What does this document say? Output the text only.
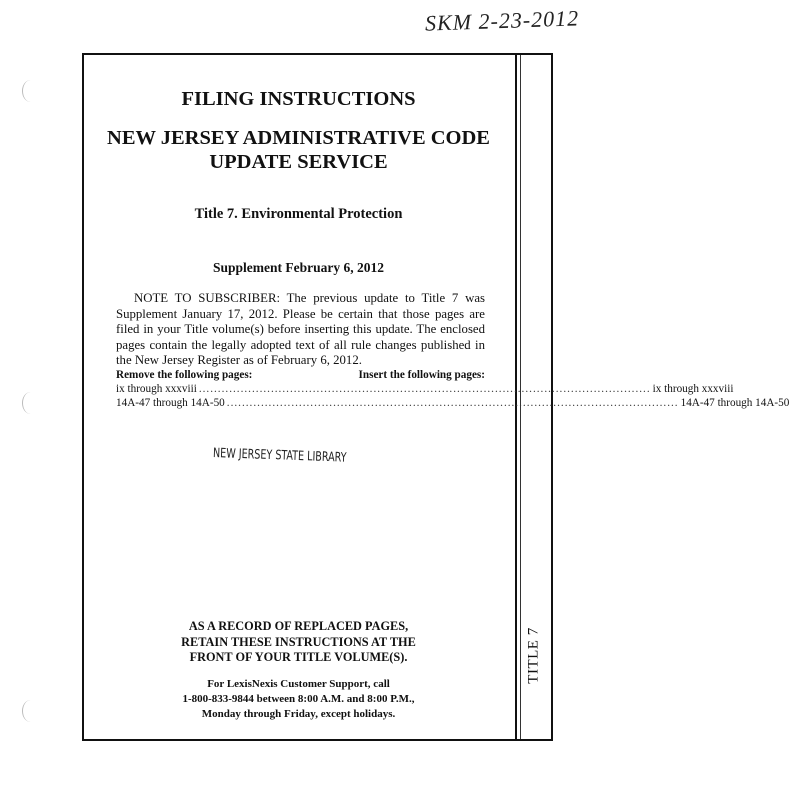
SKM 2-23-2012
TITLE 7
FILING INSTRUCTIONS
NEW JERSEY ADMINISTRATIVE CODE
UPDATE SERVICE
Title 7. Environmental Protection
Supplement February 6, 2012
NOTE TO SUBSCRIBER: The previous update to Title 7 was Supplement January 17, 2012. Please be certain that those pages are filed in your Title volume(s) before inserting this update. The enclosed pages contain the legally adopted text of all rule changes published in the New Jersey Register as of February 6, 2012.
Remove the following pages:	Insert the following pages:
ix through xxxviii ....................................................................................................................... ix through xxxviii
14A-47 through 14A-50 ....................................................................................................................... 14A-47 through 14A-50
NEW JERSEY STATE LIBRARY
AS A RECORD OF REPLACED PAGES,
RETAIN THESE INSTRUCTIONS AT THE
FRONT OF YOUR TITLE VOLUME(S).
For LexisNexis Customer Support, call
1-800-833-9844 between 8:00 A.M. and 8:00 P.M.,
Monday through Friday, except holidays.
